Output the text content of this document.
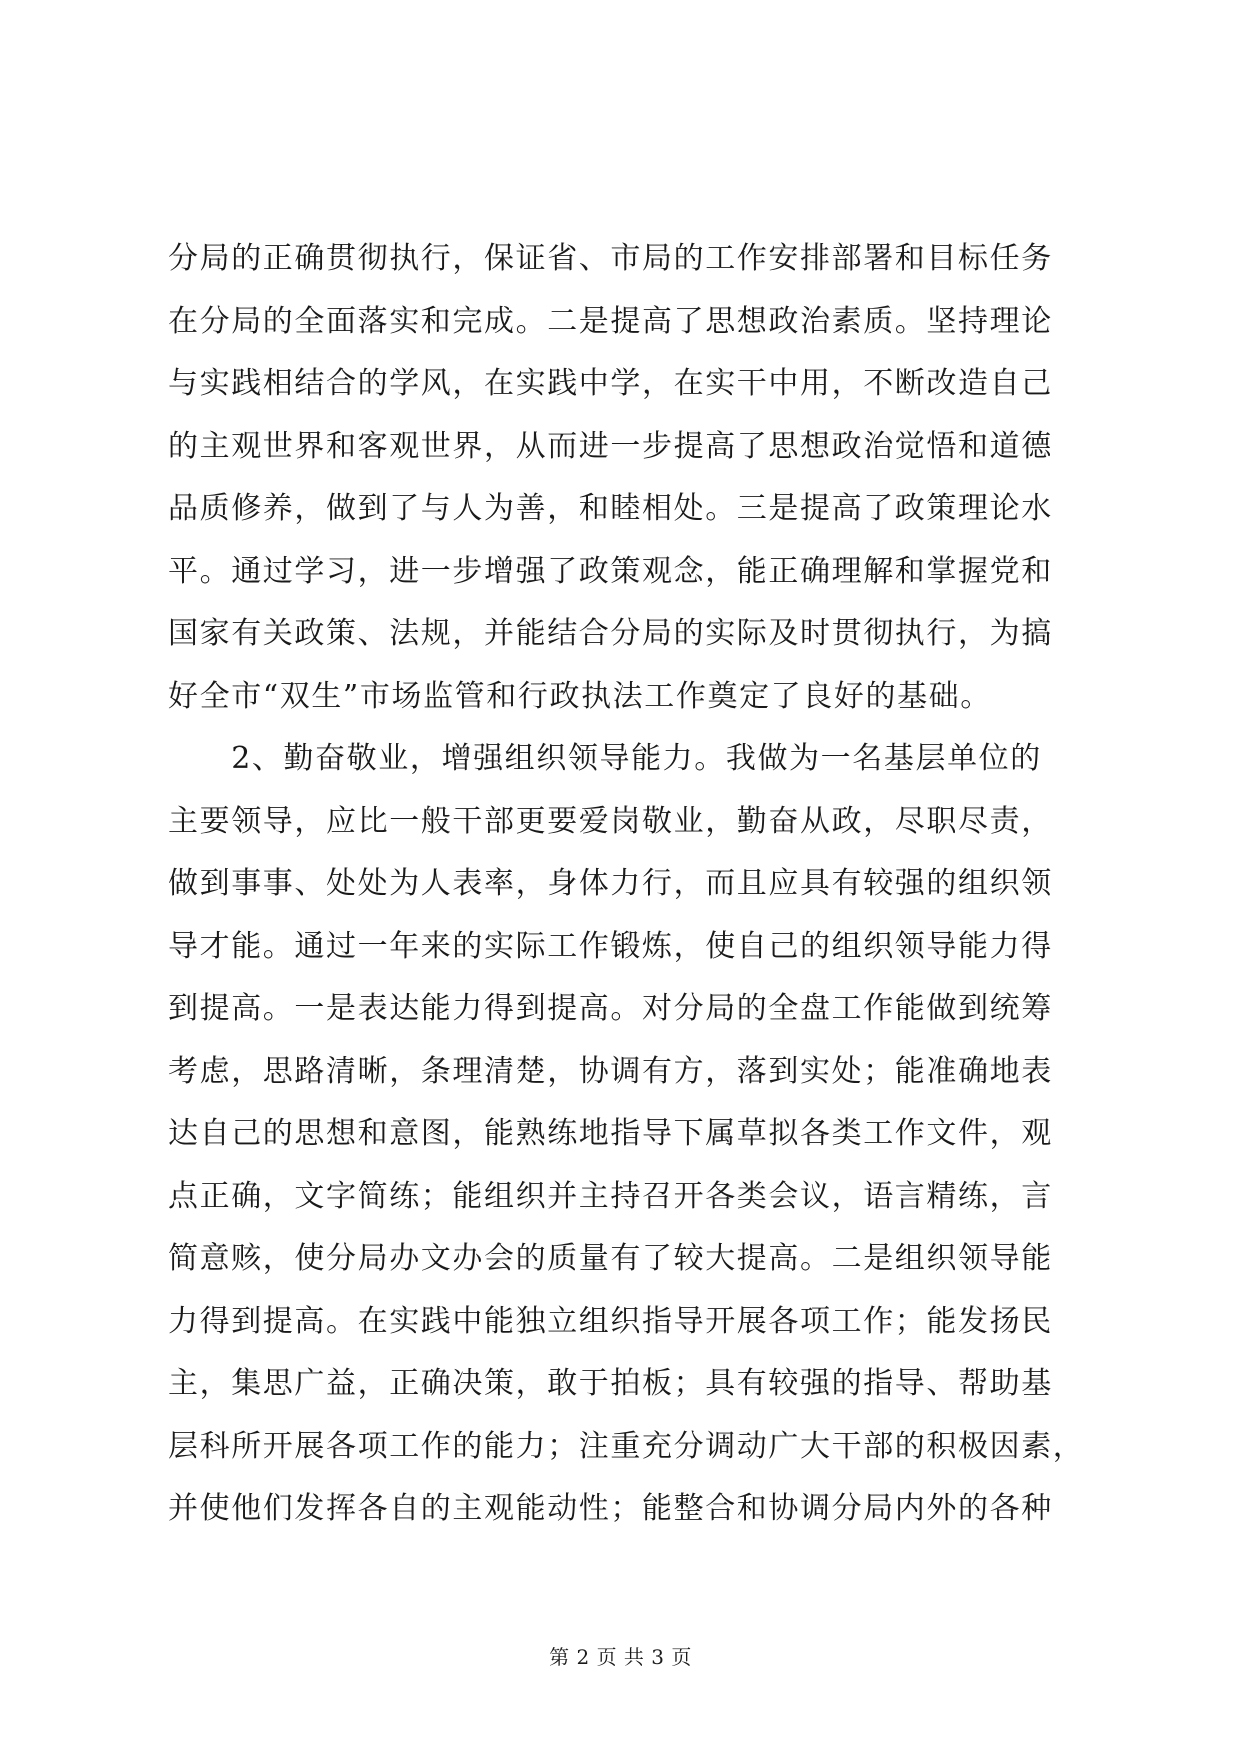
分局的正确贯彻执行，保证省、市局的工作安排部署和目标任务
在分局的全面落实和完成。二是提高了思想政治素质。坚持理论
与实践相结合的学风，在实践中学，在实干中用，不断改造自己
的主观世界和客观世界，从而进一步提高了思想政治觉悟和道德
品质修养，做到了与人为善，和睦相处。三是提高了政策理论水
平。通过学习，进一步增强了政策观念，能正确理解和掌握党和
国家有关政策、法规，并能结合分局的实际及时贯彻执行，为搞
好全市“双生”市场监管和行政执法工作奠定了良好的基础。
　　2、勤奋敬业，增强组织领导能力。我做为一名基层单位的
主要领导，应比一般干部更要爱岗敬业，勤奋从政，尽职尽责，
做到事事、处处为人表率，身体力行，而且应具有较强的组织领
导才能。通过一年来的实际工作锻炼，使自己的组织领导能力得
到提高。一是表达能力得到提高。对分局的全盘工作能做到统筹
考虑，思路清晰，条理清楚，协调有方，落到实处；能准确地表
达自己的思想和意图，能熟练地指导下属草拟各类工作文件，观
点正确，文字简练；能组织并主持召开各类会议，语言精练，言
简意赅，使分局办文办会的质量有了较大提高。二是组织领导能
力得到提高。在实践中能独立组织指导开展各项工作；能发扬民
主，集思广益，正确决策，敢于拍板；具有较强的指导、帮助基
层科所开展各项工作的能力；注重充分调动广大干部的积极因素，
并使他们发挥各自的主观能动性；能整合和协调分局内外的各种
第 2 页 共 3 页
